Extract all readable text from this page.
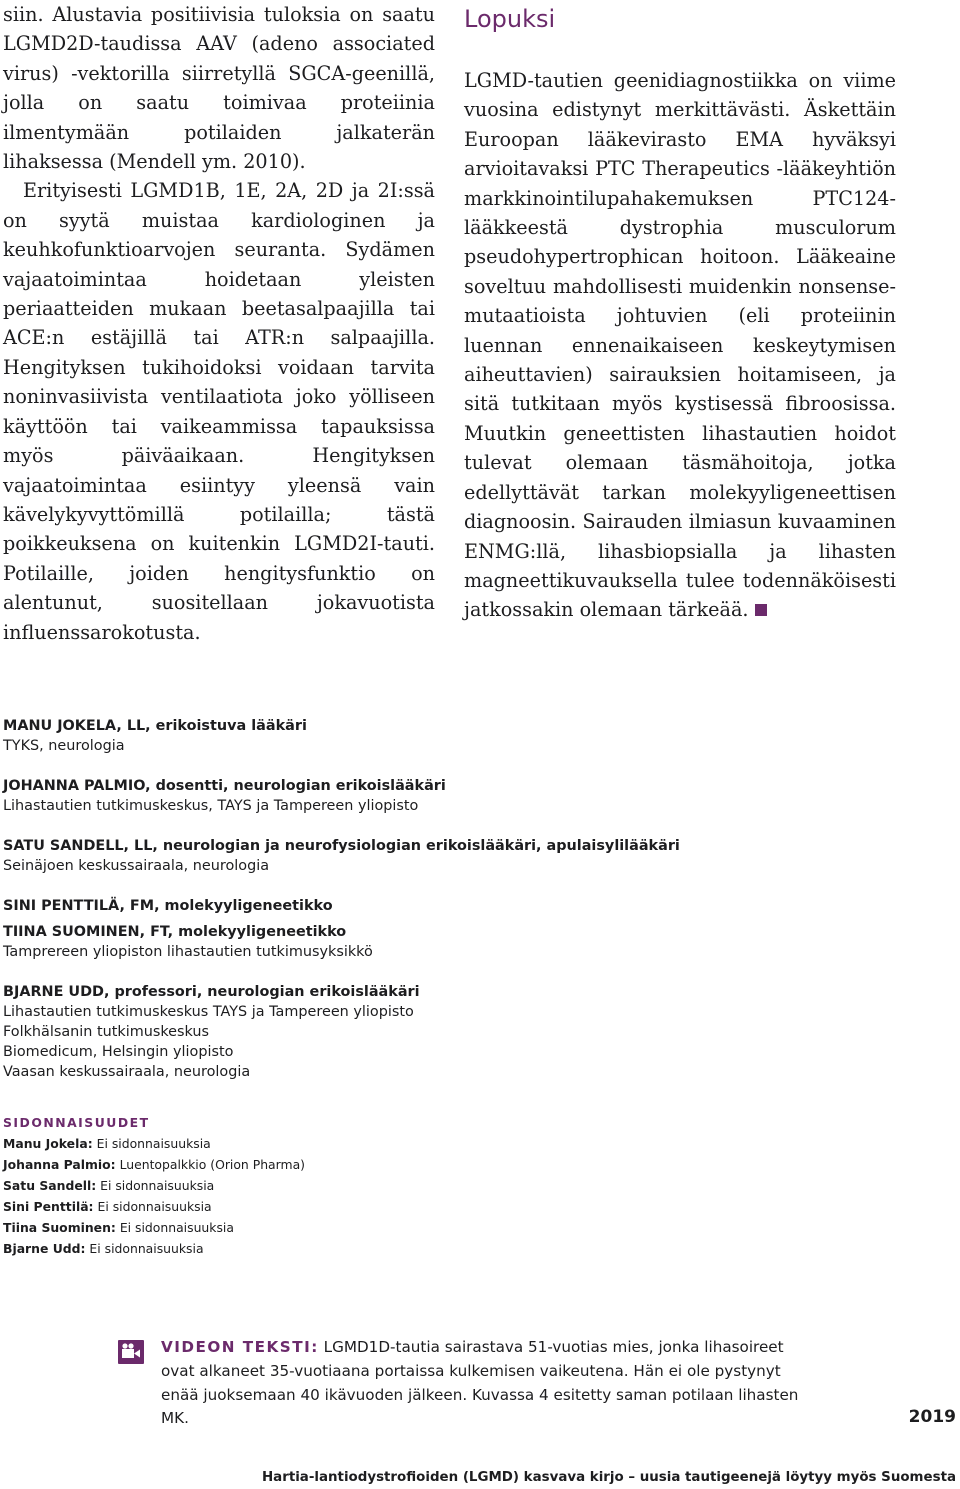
siin. Alustavia positiivisia tuloksia on saatu LGMD2D-taudissa AAV (adeno associated virus) -vektorilla siirretyllä SGCA-geenillä, jolla on saatu toimivaa proteiinia ilmentymään potilaiden jalkaterän lihaksessa (Mendell ym. 2010).

Erityisesti LGMD1B, 1E, 2A, 2D ja 2I:ssä on syytä muistaa kardiologinen ja keuhkofunktioarvojen seuranta. Sydämen vajaatoimintaa hoidetaan yleisten periaatteiden mukaan beetasalpaajilla tai ACE:n estäjillä tai ATR:n salpaajilla. Hengityksen tukihoidoksi voidaan tarvita noninvasiivista ventilaatiota joko yölliseen käyttöön tai vaikeammissa tapauksissa myös päiväaikaan. Hengityksen vajaatoimintaa esiintyy yleensä vain kävelykyvyttömillä potilailla; tästä poikkeuksena on kuitenkin LGMD2I-tauti. Potilaille, joiden hengitysfunktio on alentunut, suositellaan jokavuotista influenssarokotusta.

Lopuksi

LGMD-tautien geenidiagnostiikka on viime vuosina edistynyt merkittävästi. Äskettäin Euroopan lääkevirasto EMA hyväksyi arvioitavaksi PTC Therapeutics -lääkeyhtiön markkinointilupahakemuksen PTC124-lääkkeestä dystrophia musculorum pseudohypertrophican hoitoon. Lääkeaine soveltuu mahdollisesti muidenkin nonsense-mutaatioista johtuvien (eli proteiinin luennan ennenaikaiseen keskeytymisen aiheuttavien) sairauksien hoitamiseen, ja sitä tutkitaan myös kystisessä fibroosissa. Muutkin geneettisten lihastautien hoidot tulevat olemaan täsmähoitoja, jotka edellyttävät tarkan molekyyligeneettisen diagnoosin. Sairauden ilmiasun kuvaaminen ENMG:llä, lihasbiopsialla ja lihasten magneettikuvauksella tulee todennäköisesti jatkossakin olemaan tärkeää.

MANU JOKELA, LL, erikoistuva lääkäri
TYKS, neurologia
JOHANNA PALMIO, dosentti, neurologian erikoislääkäri
Lihastautien tutkimuskeskus, TAYS ja Tampereen yliopisto
SATU SANDELL, LL, neurologian ja neurofysiologian erikoislääkäri, apulaisylilääkäri
Seinäjoen keskussairaala, neurologia
SINI PENTTILÄ, FM, molekyyligeneetikko
TIINA SUOMINEN, FT, molekyyligeneetikko
Tamprereen yliopiston lihastautien tutkimusyksikkö
BJARNE UDD, professori, neurologian erikoislääkäri
Lihastautien tutkimuskeskus TAYS ja Tampereen yliopisto
Folkhälsanin tutkimuskeskus
Biomedicum, Helsingin yliopisto
Vaasan keskussairaala, neurologia
SIDONNAISUUDET
Manu Jokela: Ei sidonnaisuuksia
Johanna Palmio: Luentopalkkio (Orion Pharma)
Satu Sandell: Ei sidonnaisuuksia
Sini Penttilä: Ei sidonnaisuuksia
Tiina Suominen: Ei sidonnaisuuksia
Bjarne Udd: Ei sidonnaisuuksia
VIDEON TEKSTI: LGMD1D-tautia sairastava 51-vuotias mies, jonka lihasoireet ovat alkaneet 35-vuotiaana portaissa kulkemisen vaikeutena. Hän ei ole pystynyt enää juoksemaan 40 ikävuoden jälkeen. Kuvassa 4 esitetty saman potilaan lihasten MK.	2019
Hartia-lantiodystrofioiden (LGMD) kasvava kirjo – uusia tautigeenejä löytyy myös Suomesta
